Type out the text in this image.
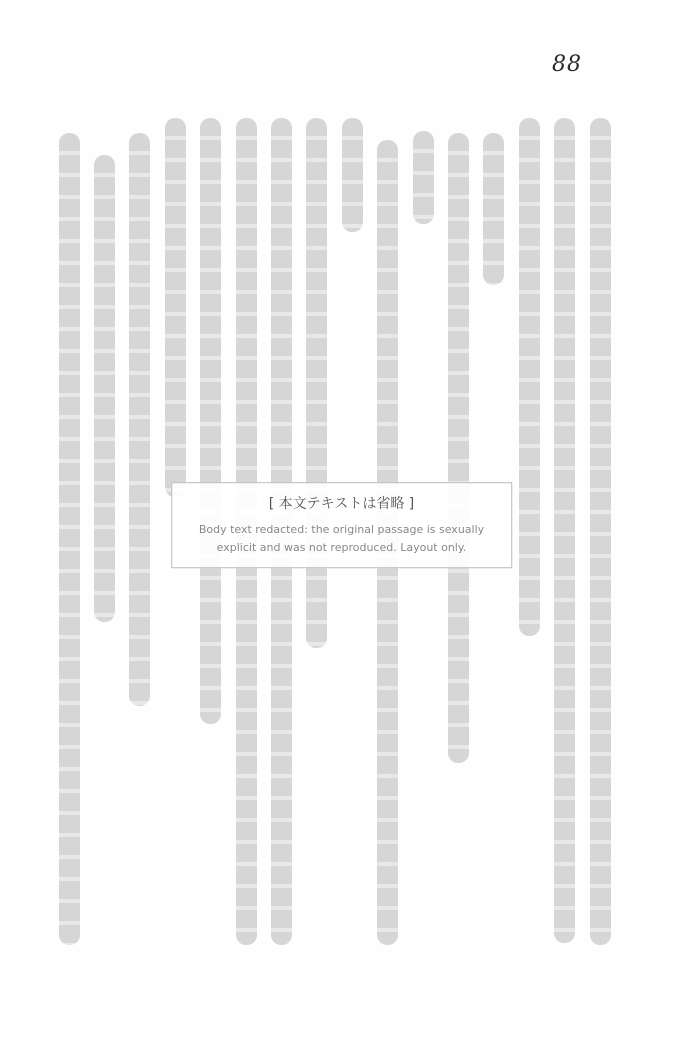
88
[ 本文テキストは省略 ]
Body text redacted: the original passage is sexually explicit and was not reproduced. Layout only.
